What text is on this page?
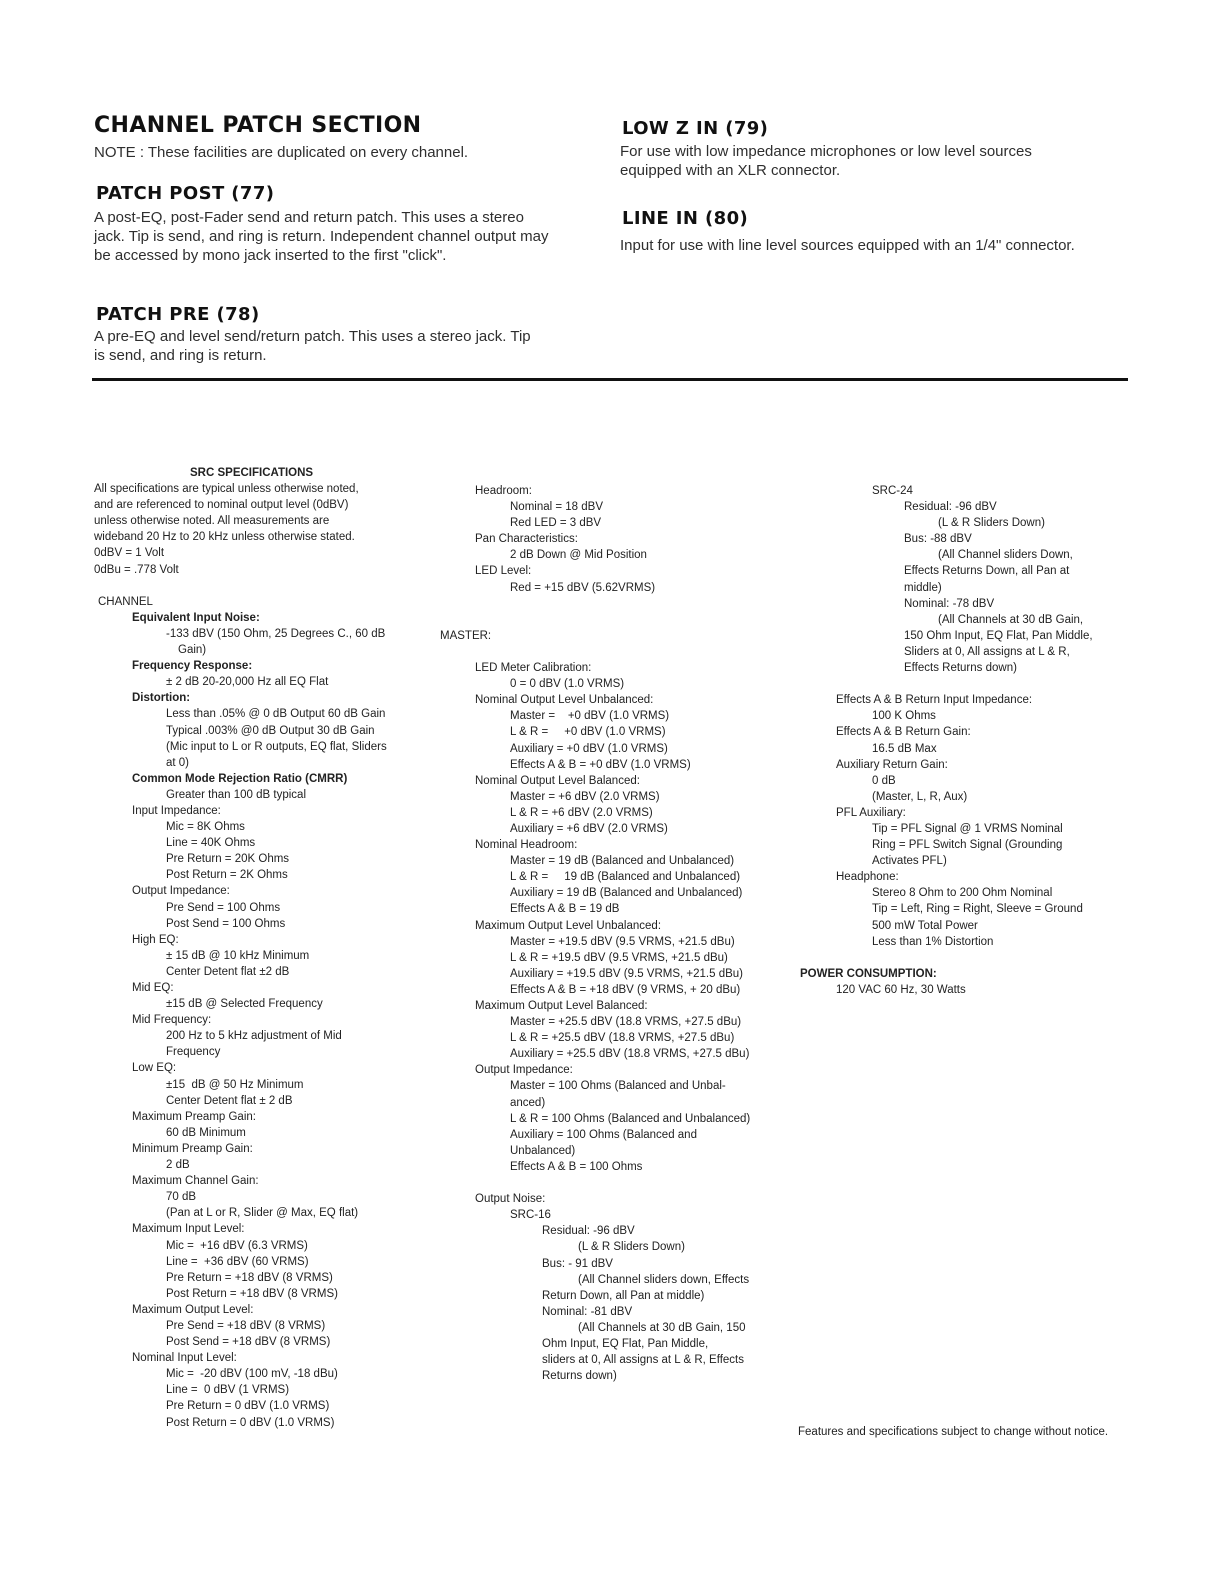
CHANNEL PATCH SECTION
NOTE : These facilities are duplicated on every channel.
PATCH POST (77)
A post-EQ, post-Fader send and return patch. This uses a stereo
jack. Tip is send, and ring is return. Independent channel output may
be accessed by mono jack inserted to the first "click".
PATCH PRE (78)
A pre-EQ and level send/return patch. This uses a stereo jack. Tip
is send, and ring is return.
LOW Z IN (79)
For use with low impedance microphones or low level sources
equipped with an XLR connector.
LINE IN (80)
Input for use with line level sources equipped with an 1/4" connector.
SRC SPECIFICATIONS
All specifications are typical unless otherwise noted,
and are referenced to nominal output level (0dBV)
unless otherwise noted. All measurements are
wideband 20 Hz to 20 kHz unless otherwise stated.
0dBV = 1 Volt
0dBu = .778 Volt
CHANNEL
Equivalent Input Noise:
-133 dBV (150 Ohm, 25 Degrees C., 60 dB
Gain)
Frequency Response:
± 2 dB 20-20,000 Hz all EQ Flat
Distortion:
Less than .05% @ 0 dB Output 60 dB Gain
Typical .003% @0 dB Output 30 dB Gain
(Mic input to L or R outputs, EQ flat, Sliders
at 0)
Common Mode Rejection Ratio (CMRR)
Greater than 100 dB typical
Input Impedance:
Mic = 8K Ohms
Line = 40K Ohms
Pre Return = 20K Ohms
Post Return = 2K Ohms
Output Impedance:
Pre Send = 100 Ohms
Post Send = 100 Ohms
High EQ:
± 15 dB @ 10 kHz Minimum
Center Detent flat ±2 dB
Mid EQ:
±15 dB @ Selected Frequency
Mid Frequency:
200 Hz to 5 kHz adjustment of Mid
Frequency
Low EQ:
±15  dB @ 50 Hz Minimum
Center Detent flat ± 2 dB
Maximum Preamp Gain:
60 dB Minimum
Minimum Preamp Gain:
2 dB
Maximum Channel Gain:
70 dB
(Pan at L or R, Slider @ Max, EQ flat)
Maximum Input Level:
Mic =  +16 dBV (6.3 VRMS)
Line =  +36 dBV (60 VRMS)
Pre Return = +18 dBV (8 VRMS)
Post Return = +18 dBV (8 VRMS)
Maximum Output Level:
Pre Send = +18 dBV (8 VRMS)
Post Send = +18 dBV (8 VRMS)
Nominal Input Level:
Mic =  -20 dBV (100 mV, -18 dBu)
Line =  0 dBV (1 VRMS)
Pre Return = 0 dBV (1.0 VRMS)
Post Return = 0 dBV (1.0 VRMS)
Headroom:
Nominal = 18 dBV
Red LED = 3 dBV
Pan Characteristics:
2 dB Down @ Mid Position
LED Level:
Red = +15 dBV (5.62VRMS)
MASTER:
LED Meter Calibration:
0 = 0 dBV (1.0 VRMS)
Nominal Output Level Unbalanced:
Master =    +0 dBV (1.0 VRMS)
L & R =     +0 dBV (1.0 VRMS)
Auxiliary = +0 dBV (1.0 VRMS)
Effects A & B = +0 dBV (1.0 VRMS)
Nominal Output Level Balanced:
Master = +6 dBV (2.0 VRMS)
L & R = +6 dBV (2.0 VRMS)
Auxiliary = +6 dBV (2.0 VRMS)
Nominal Headroom:
Master = 19 dB (Balanced and Unbalanced)
L & R =     19 dB (Balanced and Unbalanced)
Auxiliary = 19 dB (Balanced and Unbalanced)
Effects A & B = 19 dB
Maximum Output Level Unbalanced:
Master = +19.5 dBV (9.5 VRMS, +21.5 dBu)
L & R = +19.5 dBV (9.5 VRMS, +21.5 dBu)
Auxiliary = +19.5 dBV (9.5 VRMS, +21.5 dBu)
Effects A & B = +18 dBV (9 VRMS, + 20 dBu)
Maximum Output Level Balanced:
Master = +25.5 dBV (18.8 VRMS, +27.5 dBu)
L & R = +25.5 dBV (18.8 VRMS, +27.5 dBu)
Auxiliary = +25.5 dBV (18.8 VRMS, +27.5 dBu)
Output Impedance:
Master = 100 Ohms (Balanced and Unbal-
anced)
L & R = 100 Ohms (Balanced and Unbalanced)
Auxiliary = 100 Ohms (Balanced and
Unbalanced)
Effects A & B = 100 Ohms
Output Noise:
SRC-16
Residual: -96 dBV
(L & R Sliders Down)
Bus: - 91 dBV
(All Channel sliders down, Effects
Return Down, all Pan at middle)
Nominal: -81 dBV
(All Channels at 30 dB Gain, 150
Ohm Input, EQ Flat, Pan Middle,
sliders at 0, All assigns at L & R, Effects
Returns down)
SRC-24
Residual: -96 dBV
(L & R Sliders Down)
Bus: -88 dBV
(All Channel sliders Down,
Effects Returns Down, all Pan at
middle)
Nominal: -78 dBV
(All Channels at 30 dB Gain,
150 Ohm Input, EQ Flat, Pan Middle,
Sliders at 0, All assigns at L & R,
Effects Returns down)
Effects A & B Return Input Impedance:
100 K Ohms
Effects A & B Return Gain:
16.5 dB Max
Auxiliary Return Gain:
0 dB
(Master, L, R, Aux)
PFL Auxiliary:
Tip = PFL Signal @ 1 VRMS Nominal
Ring = PFL Switch Signal (Grounding
Activates PFL)
Headphone:
Stereo 8 Ohm to 200 Ohm Nominal
Tip = Left, Ring = Right, Sleeve = Ground
500 mW Total Power
Less than 1% Distortion
POWER CONSUMPTION:
120 VAC 60 Hz, 30 Watts
Features and specifications subject to change without notice.
